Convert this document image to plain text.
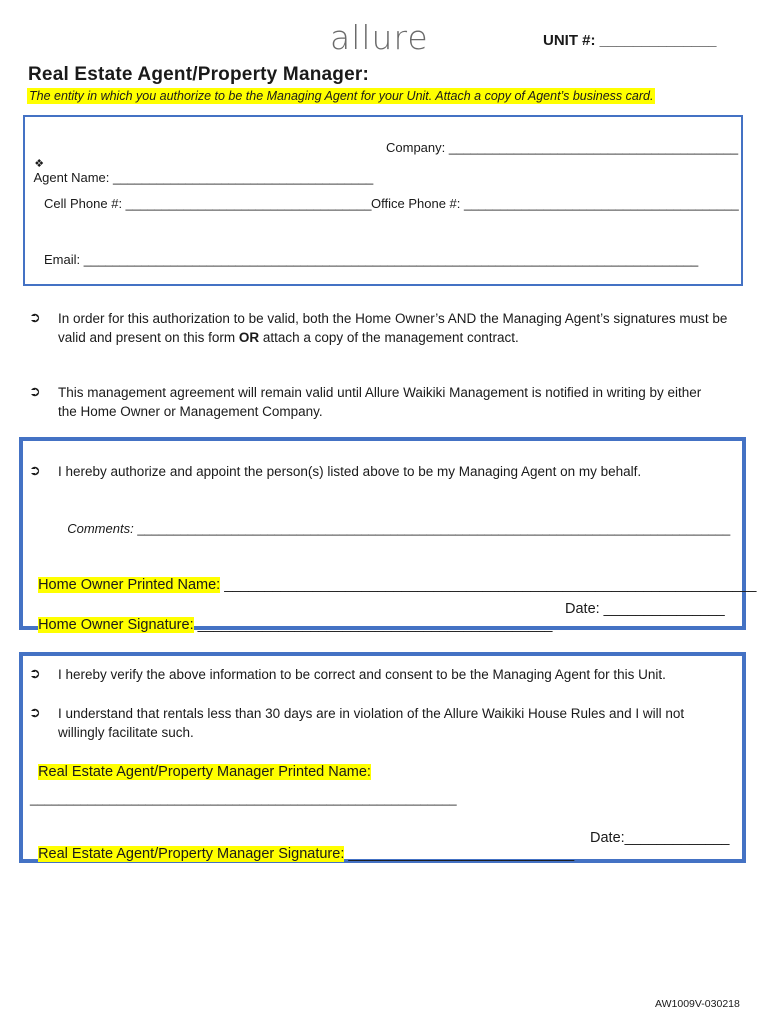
allure	UNIT #: ______________
Real Estate Agent/Property Manager:
The entity in which you authorize to be the Managing Agent for your Unit. Attach a copy of Agent’s business card.

❖
Agent Name: ____________________________________

Company: ________________________________________
Cell Phone #: __________________________________ Office Phone #: ______________________________________
Email: _____________________________________________________________________________________
➲ In order for this authorization to be valid, both the Home Owner’s AND the Managing Agent’s signatures must be valid and present on this form OR attach a copy of the management contract.
➲ This management agreement will remain valid until Allure Waikiki Management is notified in writing by either the Home Owner or Management Company.
➲ I hereby authorize and appoint the person(s) listed above to be my Managing Agent on my behalf.

Comments: __________________________________________________________________________________

Home Owner Printed Name: __________________________________________________________________

Home Owner Signature: ____________________________________________

Date: _______________
➲ I hereby verify the above information to be correct and consent to be the Managing Agent for this Unit.
➲ I understand that rentals less than 30 days are in violation of the Allure Waikiki House Rules and I will not willingly facilitate such.

Real Estate Agent/Property Manager Printed Name:

___________________________________________________________

Real Estate Agent/Property Manager Signature: ____________________________

Date:_____________
AW1009V-030218
